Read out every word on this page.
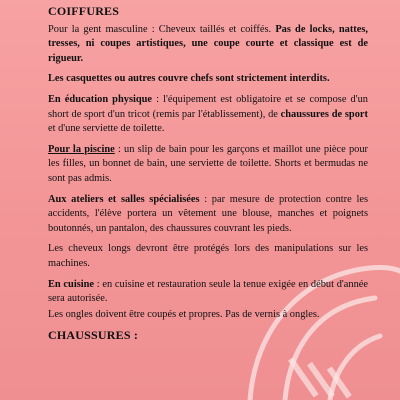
COIFFURES

Pour la gent masculine : Cheveux taillés et coiffés. Pas de locks, nattes, tresses, ni coupes artistiques, une coupe courte et classique est de rigueur.

Les casquettes ou autres couvre chefs sont strictement interdits.

En éducation physique : l'équipement est obligatoire et se compose d'un short de sport d'un tricot (remis par l'établissement), de chaussures de sport et d'une serviette de toilette.

Pour la piscine : un slip de bain pour les garçons et maillot une pièce pour les filles, un bonnet de bain, une serviette de toilette. Shorts et bermudas ne sont pas admis.

Aux ateliers et salles spécialisées : par mesure de protection contre les accidents, l'élève portera un vêtement une blouse, manches et poignets boutonnés, un pantalon, des chaussures couvrant les pieds.

Les cheveux longs devront être protégés lors des manipulations sur les machines.

En cuisine : en cuisine et restauration seule la tenue exigée en début d'année sera autorisée.

Les ongles doivent être coupés et propres. Pas de vernis à ongles.

CHAUSSURES :
